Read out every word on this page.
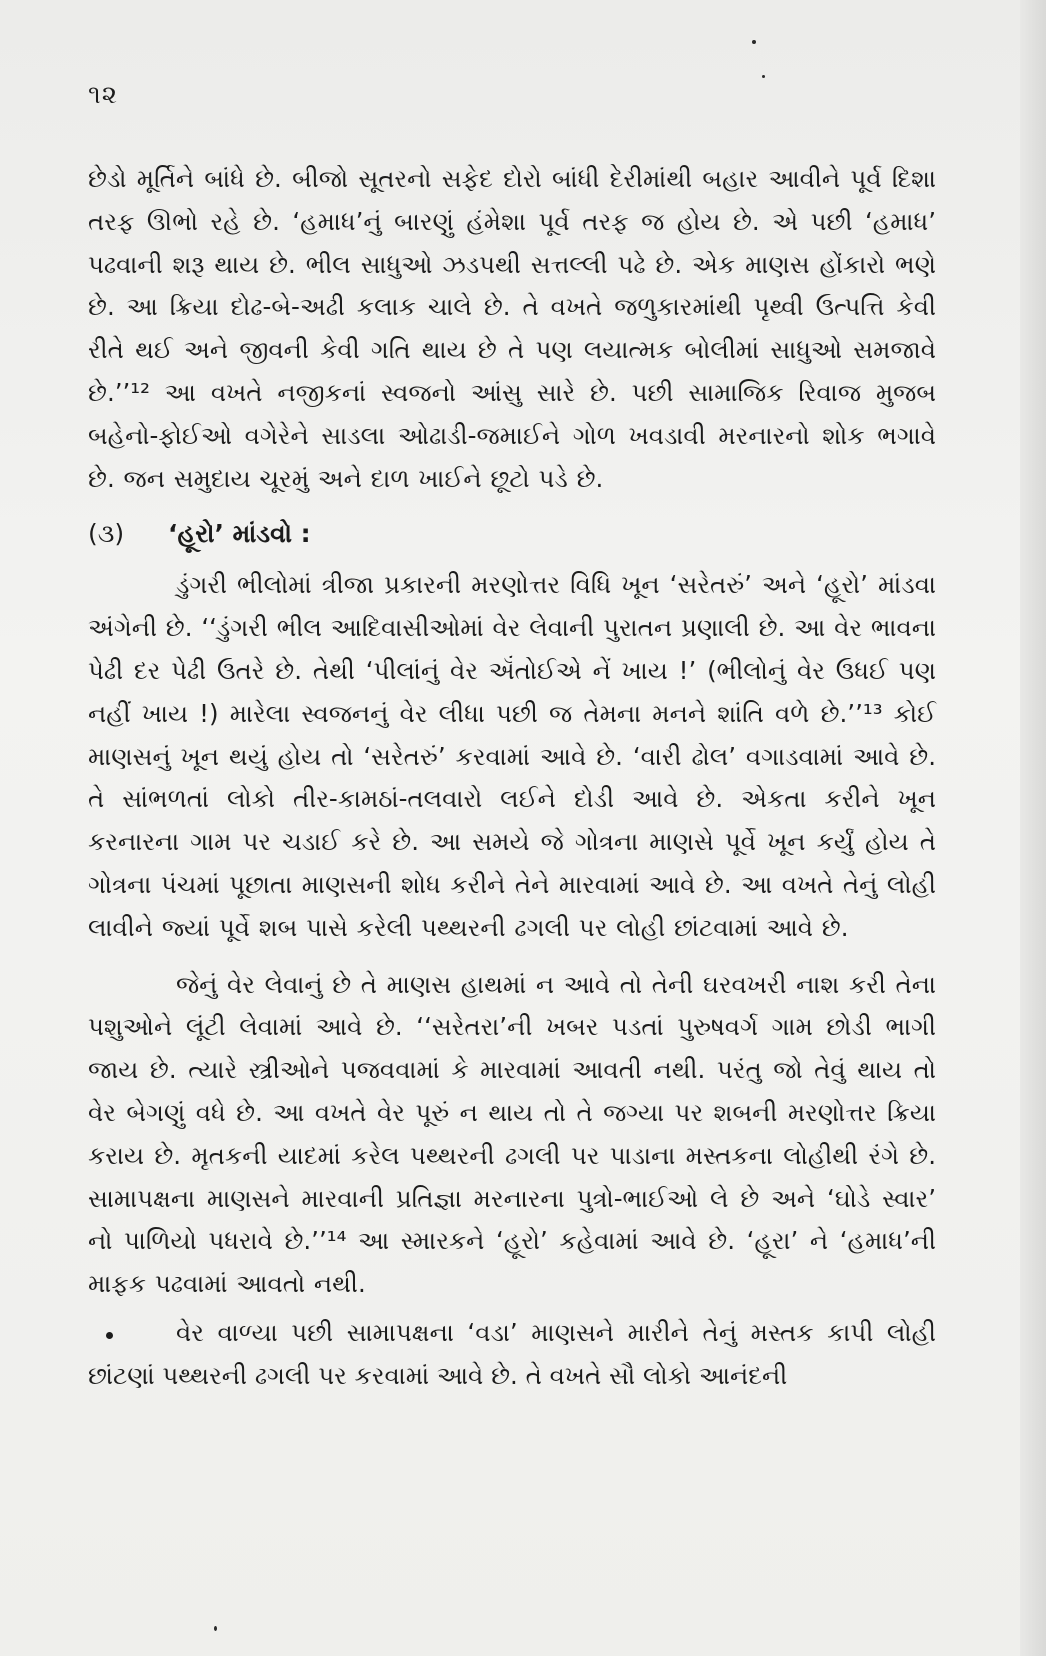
૧૨

છેડો મૂર્તિને બાંધે છે. બીજો સૂતરનો સફેદ દોરો બાંધી દેરીમાંથી બહાર આવીને પૂર્વ દિશા તરફ ઊભો રહે છે. ‘હમાધ’નું બારણું હંમેશા પૂર્વ તરફ જ હોય છે. એ પછી ‘હમાધ’ પઢવાની શરૂ થાય છે. ભીલ સાધુઓ ઝડપથી સત્તલ્લી પઢે છે. એક માણસ હોંકારો ભણે છે. આ ક્રિયા દોઢ-બે-અઢી કલાક ચાલે છે. તે વખતે જળુકારમાંથી પૃથ્વી ઉત્પત્તિ કેવી રીતે થઈ અને જીવની કેવી ગતિ થાય છે તે પણ લયાત્મક બોલીમાં સાધુઓ સમજાવે છે.’’¹² આ વખતે નજીકનાં સ્વજનો આંસુ સારે છે. પછી સામાજિક રિવાજ મુજબ બહેનો-ફોઈઓ વગેરેને સાડલા ઓઢાડી-જમાઈને ગોળ ખવડાવી મરનારનો શોક ભગાવે છે. જન સમુદાય ચૂરમું અને દાળ ખાઈને છૂટો પડે છે.

(૩) ‘હૂરો’ માંડવો :

ડુંગરી ભીલોમાં ત્રીજા પ્રકારની મરણોત્તર વિધિ ખૂન ‘સરેતરું’ અને ‘હૂરો’ માંડવા અંગેની છે. ‘‘ડુંગરી ભીલ આદિવાસીઓમાં વેર લેવાની પુરાતન પ્રણાલી છે. આ વેર ભાવના પેઢી દર પેઢી ઉતરે છે. તેથી ‘પીલાંનું વેર ઍંતોઈએ નેં ખાય !’ (ભીલોનું વેર ઉધઈ પણ નહીં ખાય !) મારેલા સ્વજનનું વેર લીધા પછી જ તેમના મનને શાંતિ વળે છે.’’¹³ કોઈ માણસનું ખૂન થયું હોય તો ‘સરેતરું’ કરવામાં આવે છે. ‘વારી ઢોલ’ વગાડવામાં આવે છે. તે સાંભળતાં લોકો તીર-કામઠાં-તલવારો લઈને દોડી આવે છે. એકતા કરીને ખૂન કરનારના ગામ પર ચડાઈ કરે છે. આ સમયે જે ગોત્રના માણસે પૂર્વે ખૂન કર્યું હોય તે ગોત્રના પંચમાં પૂછાતા માણસની શોધ કરીને તેને મારવામાં આવે છે. આ વખતે તેનું લોહી લાવીને જ્યાં પૂર્વે શબ પાસે કરેલી પથ્થરની ઢગલી પર લોહી છાંટવામાં આવે છે.

જેનું વેર લેવાનું છે તે માણસ હાથમાં ન આવે તો તેની ઘરવખરી નાશ કરી તેના પશુઓને લૂંટી લેવામાં આવે છે. ‘‘સરેતરા’ની ખબર પડતાં પુરુષવર્ગ ગામ છોડી ભાગી જાય છે. ત્યારે સ્ત્રીઓને પજવવામાં કે મારવામાં આવતી નથી. પરંતુ જો તેવું થાય તો વેર બેગણું વધે છે. આ વખતે વેર પૂરું ન થાય તો તે જગ્યા પર શબની મરણોત્તર ક્રિયા કરાય છે. મૃતકની યાદમાં કરેલ પથ્થરની ઢગલી પર પાડાના મસ્તકના લોહીથી રંગે છે. સામાપક્ષના માણસને મારવાની પ્રતિજ્ઞા મરનારના પુત્રો-ભાઈઓ લે છે અને ‘ઘોડે સ્વાર’ નો પાળિયો પધરાવે છે.’’¹⁴ આ સ્મારકને ‘હૂરો’ કહેવામાં આવે છે. ‘હૂરા’ ને ‘હમાધ’ની માફક પઢવામાં આવતો નથી.

વેર વાળ્યા પછી સામાપક્ષના ‘વડા’ માણસને મારીને તેનું મસ્તક કાપી લોહી છાંટણાં પથ્થરની ઢગલી પર કરવામાં આવે છે. તે વખતે સૌ લોકો આનંદની
